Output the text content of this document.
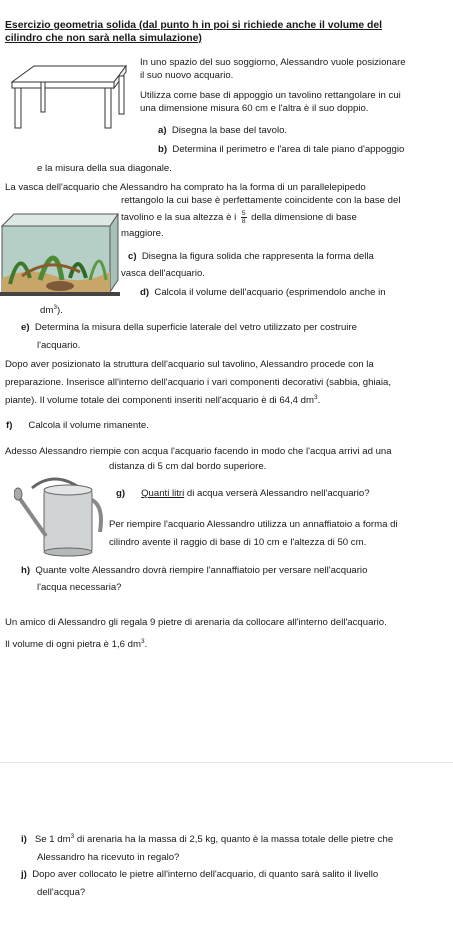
Esercizio geometria solida (dal punto h in poi si richiede anche il volume del
cilindro che non sarà nella simulazione)
In uno spazio del suo soggiorno, Alessandro vuole posizionare
il suo nuovo acquario.
Utilizza come base di appoggio un tavolino rettangolare in cui
una dimensione misura 60 cm e l'altra è il suo doppio.
a) Disegna la base del tavolo.
b) Determina il perimetro e l'area di tale piano d'appoggio
e la misura della sua diagonale.
La vasca dell'acquario che Alessandro ha comprato ha la forma di un parallelepipedo
rettangolo la cui base è perfettamente coincidente con la base del
tavolino e la sua altezza è i $\frac{5}{8}$ della dimensione di base
maggiore.
c) Disegna la figura solida che rappresenta la forma della
vasca dell'acquario.
d) Calcola il volume dell'acquario (esprimendolo anche in
$dm^3$).
e) Determina la misura della superficie laterale del vetro utilizzato per costruire
l'acquario.
Dopo aver posizionato la struttura dell'acquario sul tavolino, Alessandro procede con la
preparazione. Inserisce all'interno dell'acquario i vari componenti decorativi (sabbia, ghiaia,
piante). Il volume totale dei componenti inseriti nell'acquario è di 64,4 $dm^3$.
f) Calcola il volume rimanente.
Adesso Alessandro riempie con acqua l'acquario facendo in modo che l'acqua arrivi ad una
distanza di 5 cm dal bordo superiore.
g) Quanti litri di acqua verserà Alessandro nell'acquario?
Per riempire l'acquario Alessandro utilizza un annaffiatoio a forma di
cilindro avente il raggio di base di 10 cm e l'altezza di 50 cm.
h) Quante volte Alessandro dovrà riempire l'annaffiatoio per versare nell'acquario
l'acqua necessaria?
Un amico di Alessandro gli regala 9 pietre di arenaria da collocare all'interno dell'acquario.
Il volume di ogni pietra è 1,6 $dm^3$.
i) Se 1 $dm^3$ di arenaria ha la massa di 2,5 kg, quanto è la massa totale delle pietre che
Alessandro ha ricevuto in regalo?
j) Dopo aver collocato le pietre all'interno dell'acquario, di quanto sarà salito il livello
dell'acqua?
